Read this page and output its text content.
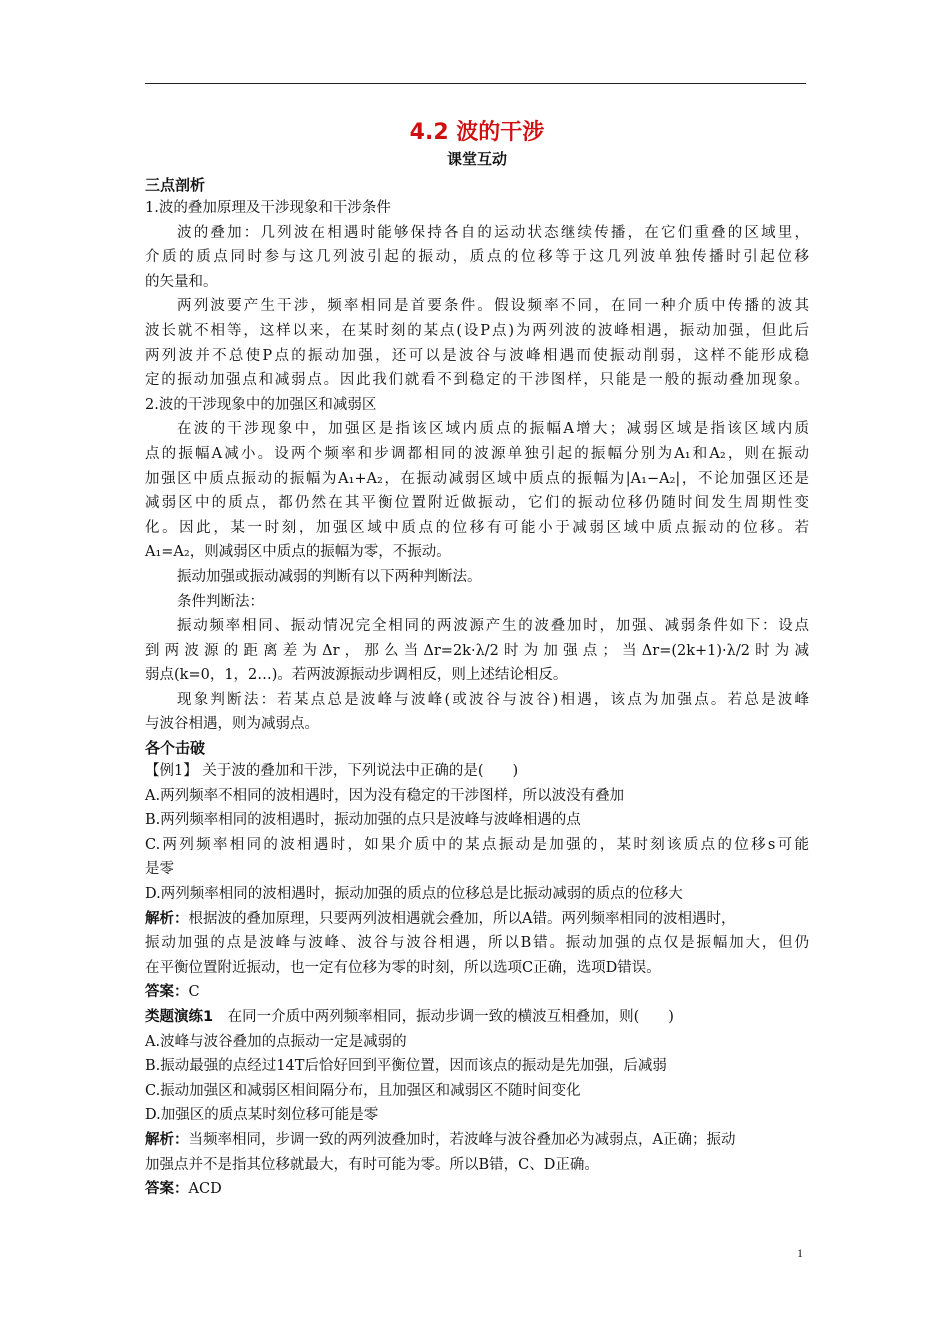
4.2 波的干涉
课堂互动
三点剖析
1.波的叠加原理及干涉现象和干涉条件
波的叠加：几列波在相遇时能够保持各自的运动状态继续传播，在它们重叠的区域里，
介质的质点同时参与这几列波引起的振动，质点的位移等于这几列波单独传播时引起位移
的矢量和。
两列波要产生干涉，频率相同是首要条件。假设频率不同，在同一种介质中传播的波其
波长就不相等，这样以来，在某时刻的某点(设P点)为两列波的波峰相遇，振动加强，但此后
两列波并不总使P点的振动加强，还可以是波谷与波峰相遇而使振动削弱，这样不能形成稳
定的振动加强点和减弱点。因此我们就看不到稳定的干涉图样，只能是一般的振动叠加现象。
2.波的干涉现象中的加强区和减弱区
在波的干涉现象中，加强区是指该区域内质点的振幅A增大；减弱区域是指该区域内质
点的振幅A减小。设两个频率和步调都相同的波源单独引起的振幅分别为A₁和A₂，则在振动
加强区中质点振动的振幅为A₁+A₂，在振动减弱区域中质点的振幅为|A₁−A₂|，不论加强区还是
减弱区中的质点，都仍然在其平衡位置附近做振动，它们的振动位移仍随时间发生周期性变
化。因此，某一时刻，加强区域中质点的位移有可能小于减弱区域中质点振动的位移。若
A₁=A₂，则减弱区中质点的振幅为零，不振动。
振动加强或振动减弱的判断有以下两种判断法。
条件判断法：
振动频率相同、振动情况完全相同的两波源产生的波叠加时，加强、减弱条件如下：设点
到两波源的距离差为Δr，那么当Δr=2k·λ/2时为加强点；当Δr=(2k+1)·λ/2时为减
弱点(k=0，1，2…)。若两波源振动步调相反，则上述结论相反。
现象判断法：若某点总是波峰与波峰(或波谷与波谷)相遇，该点为加强点。若总是波峰
与波谷相遇，则为减弱点。
各个击破
【例1】 关于波的叠加和干涉，下列说法中正确的是(　　)
A.两列频率不相同的波相遇时，因为没有稳定的干涉图样，所以波没有叠加
B.两列频率相同的波相遇时，振动加强的点只是波峰与波峰相遇的点
C.两列频率相同的波相遇时，如果介质中的某点振动是加强的，某时刻该质点的位移s可能
是零
D.两列频率相同的波相遇时，振动加强的质点的位移总是比振动减弱的质点的位移大
解析：根据波的叠加原理，只要两列波相遇就会叠加，所以A错。两列频率相同的波相遇时，
振动加强的点是波峰与波峰、波谷与波谷相遇，所以B错。振动加强的点仅是振幅加大，但仍
在平衡位置附近振动，也一定有位移为零的时刻，所以选项C正确，选项D错误。
答案：C
类题演练1　在同一介质中两列频率相同，振动步调一致的横波互相叠加，则(　　)
A.波峰与波谷叠加的点振动一定是减弱的
B.振动最强的点经过14T后恰好回到平衡位置，因而该点的振动是先加强，后减弱
C.振动加强区和减弱区相间隔分布，且加强区和减弱区不随时间变化
D.加强区的质点某时刻位移可能是零
解析：当频率相同，步调一致的两列波叠加时，若波峰与波谷叠加必为减弱点，A正确；振动
加强点并不是指其位移就最大，有时可能为零。所以B错，C、D正确。
答案：ACD
1
